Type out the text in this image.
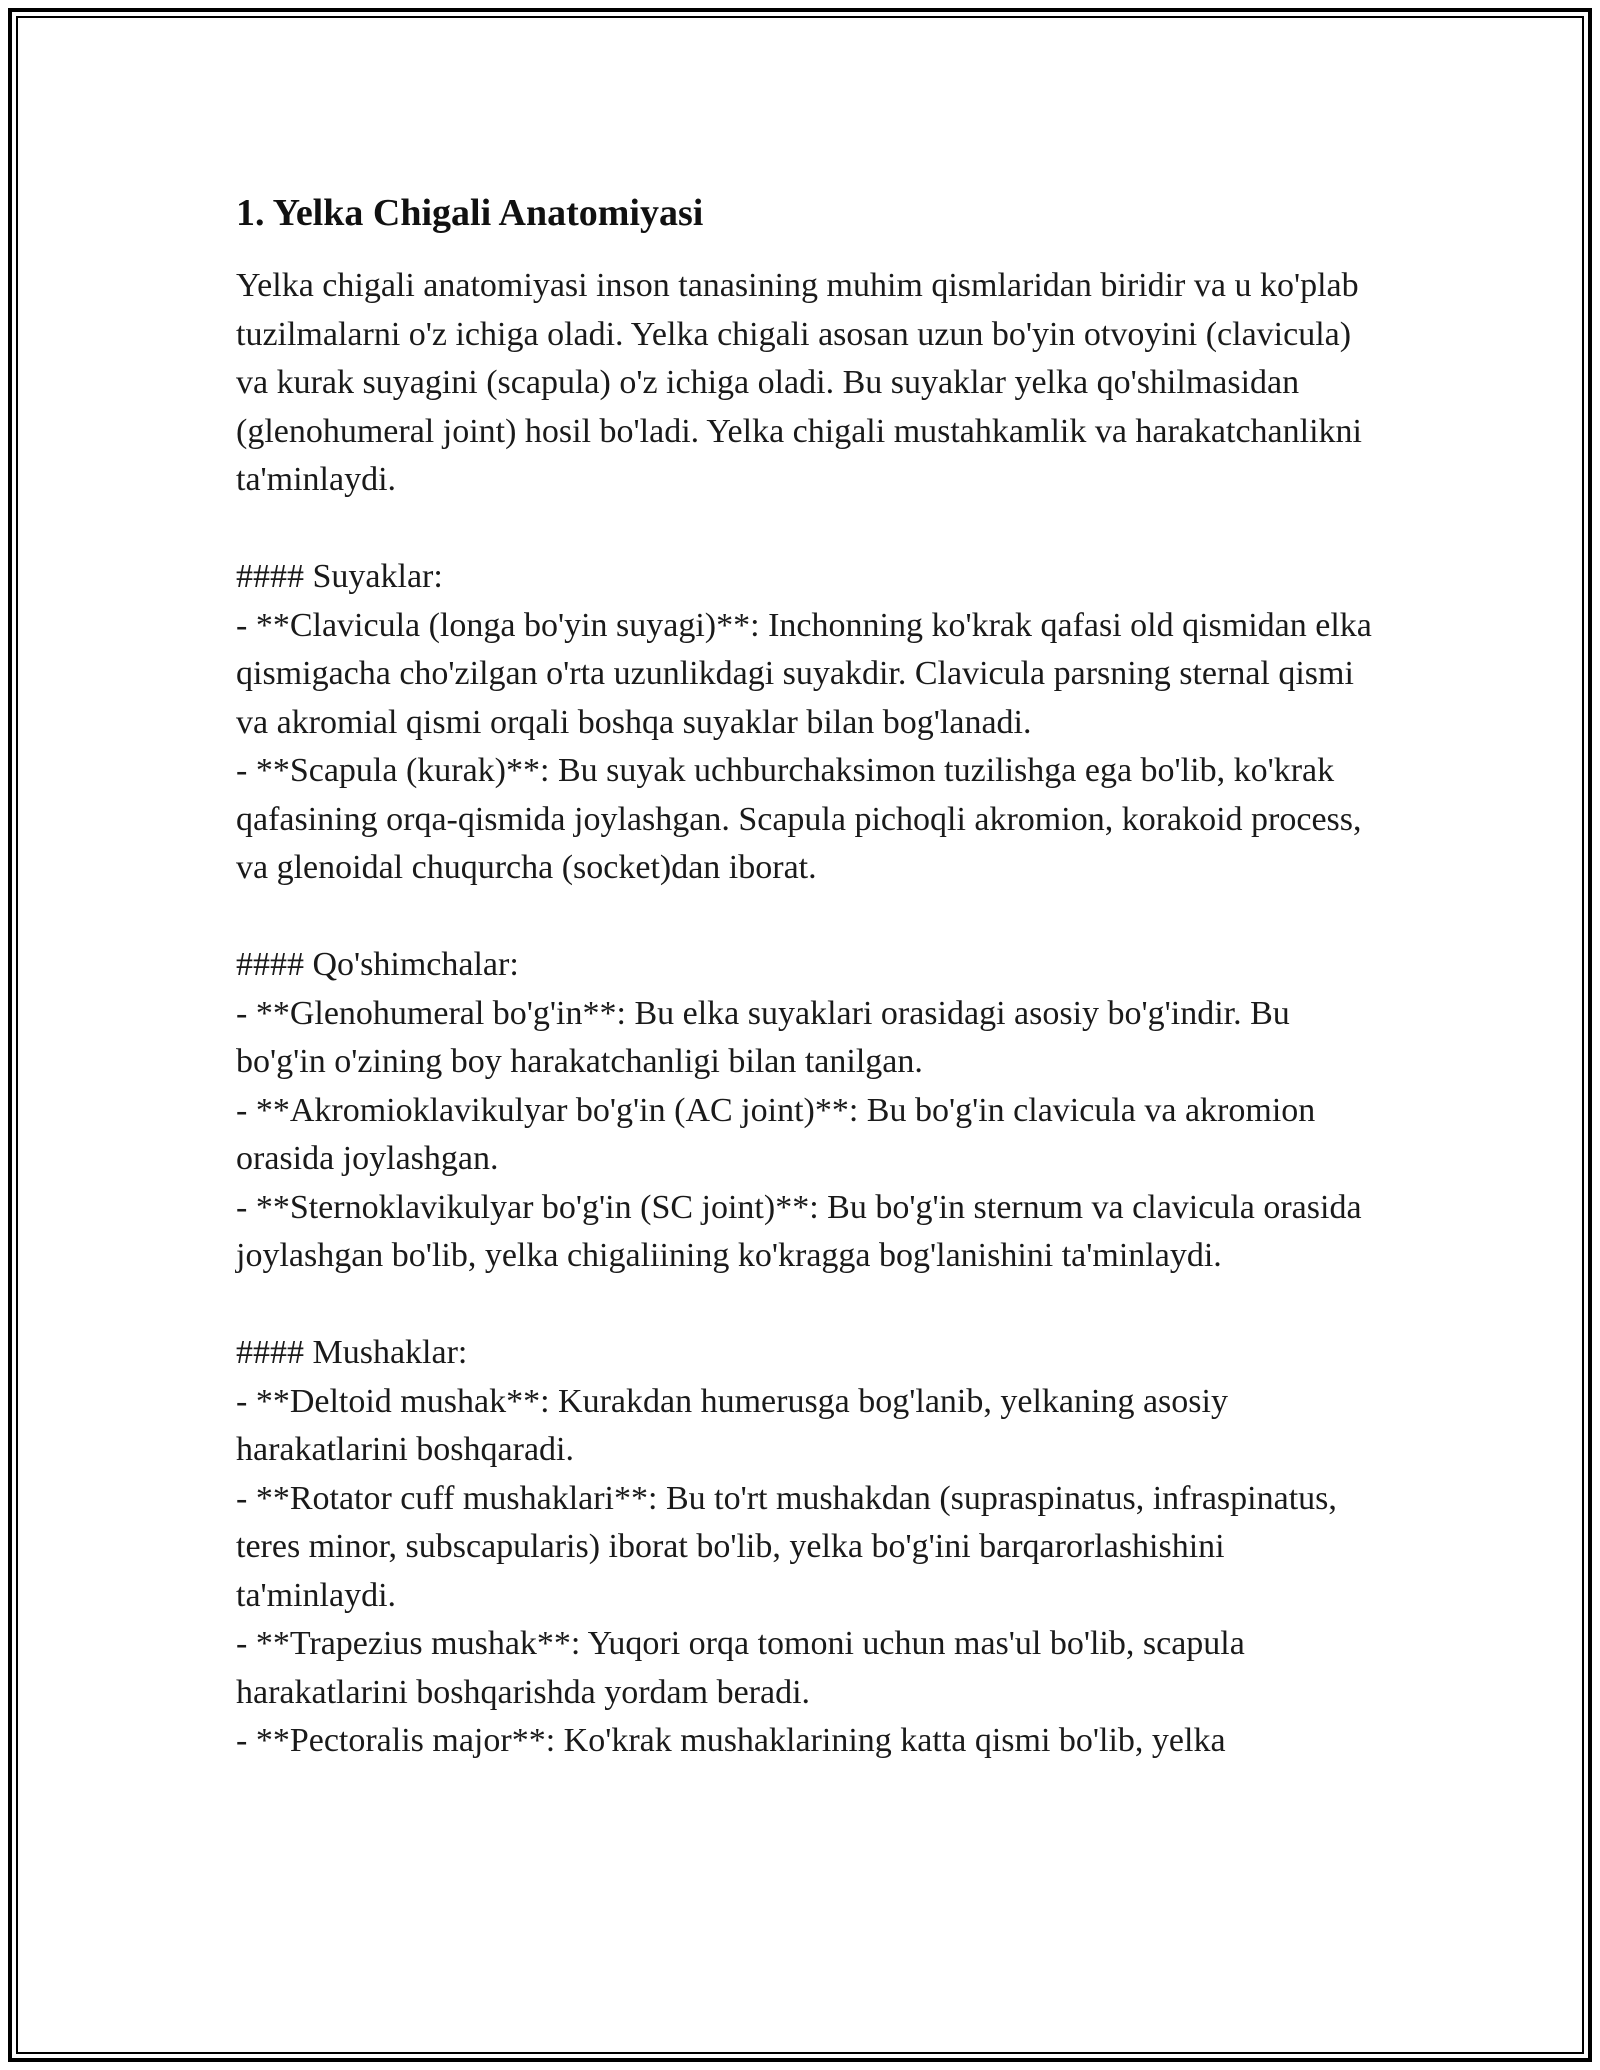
1. Yelka Chigali Anatomiyasi

Yelka chigali anatomiyasi inson tanasining muhim qismlaridan biridir va u ko'plab tuzilmalarni o'z ichiga oladi. Yelka chigali asosan uzun bo'yin otvoyini (clavicula) va kurak suyagini (scapula) o'z ichiga oladi. Bu suyaklar yelka qo'shilmasidan (glenohumeral joint) hosil bo'ladi. Yelka chigali mustahkamlik va harakatchanlikni ta'minlaydi.

#### Suyaklar:

- **Clavicula (longa bo'yin suyagi)**: Inchonning ko'krak qafasi old qismidan elka qismigacha cho'zilgan o'rta uzunlikdagi suyakdir. Clavicula parsning sternal qismi va akromial qismi orqali boshqa suyaklar bilan bog'lanadi.

- **Scapula (kurak)**: Bu suyak uchburchaksimon tuzilishga ega bo'lib, ko'krak qafasining orqa-qismida joylashgan. Scapula pichoqli akromion, korakoid process, va glenoidal chuqurcha (socket)dan iborat.

#### Qo'shimchalar:

- **Glenohumeral bo'g'in**: Bu elka suyaklari orasidagi asosiy bo'g'indir. Bu bo'g'in o'zining boy harakatchanligi bilan tanilgan.

- **Akromioklavikulyar bo'g'in (AC joint)**: Bu bo'g'in clavicula va akromion orasida joylashgan.

- **Sternoklavikulyar bo'g'in (SC joint)**: Bu bo'g'in sternum va clavicula orasida joylashgan bo'lib, yelka chigaliining ko'kragga bog'lanishini ta'minlaydi.

#### Mushaklar:

- **Deltoid mushak**: Kurakdan humerusga bog'lanib, yelkaning asosiy harakatlarini boshqaradi.

- **Rotator cuff mushaklari**: Bu to'rt mushakdan (supraspinatus, infraspinatus, teres minor, subscapularis) iborat bo'lib, yelka bo'g'ini barqarorlashishini ta'minlaydi.

- **Trapezius mushak**: Yuqori orqa tomoni uchun mas'ul bo'lib, scapula harakatlarini boshqarishda yordam beradi.

- **Pectoralis major**: Ko'krak mushaklarining katta qismi bo'lib, yelka
